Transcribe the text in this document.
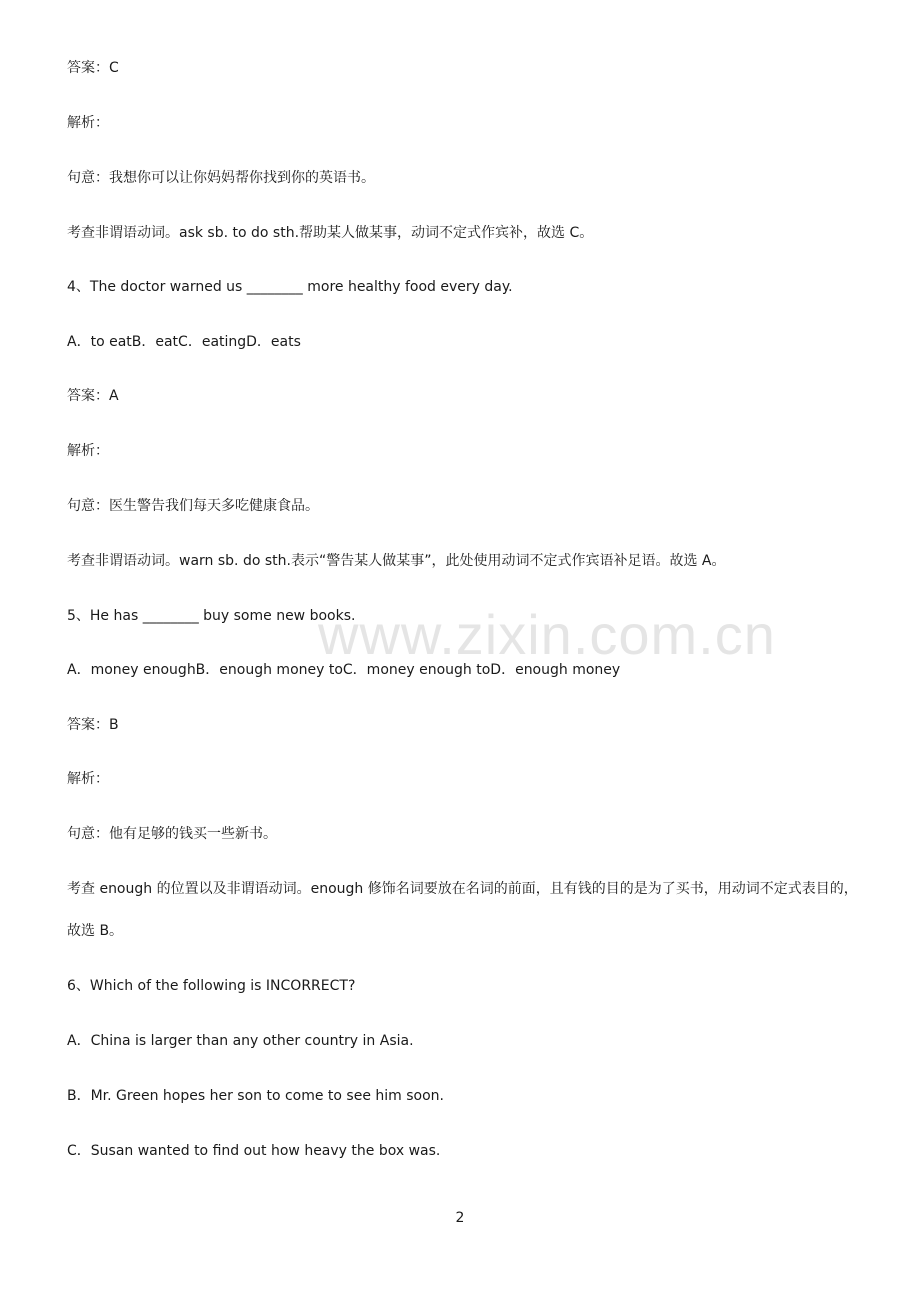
答案：C
解析：
句意：我想你可以让你妈妈帮你找到你的英语书。
考查非谓语动词。ask sb. to do sth.帮助某人做某事，动词不定式作宾补，故选 C。
4、The doctor warned us ________ more healthy food every day.
A．to eatB．eatC．eatingD．eats
答案：A
解析：
句意：医生警告我们每天多吃健康食品。
考查非谓语动词。warn sb. do sth.表示“警告某人做某事”，此处使用动词不定式作宾语补足语。故选 A。
www.zixin.com.cn
5、He has ________ buy some new books.
A．money enoughB．enough money toC．money enough toD．enough money
答案：B
解析：
句意：他有足够的钱买一些新书。
考查 enough 的位置以及非谓语动词。enough 修饰名词要放在名词的前面，且有钱的目的是为了买书，用动词不定式表目的，故选 B。
6、Which of the following is INCORRECT?
A．China is larger than any other country in Asia.
B．Mr. Green hopes her son to come to see him soon.
C．Susan wanted to find out how heavy the box was.
2
